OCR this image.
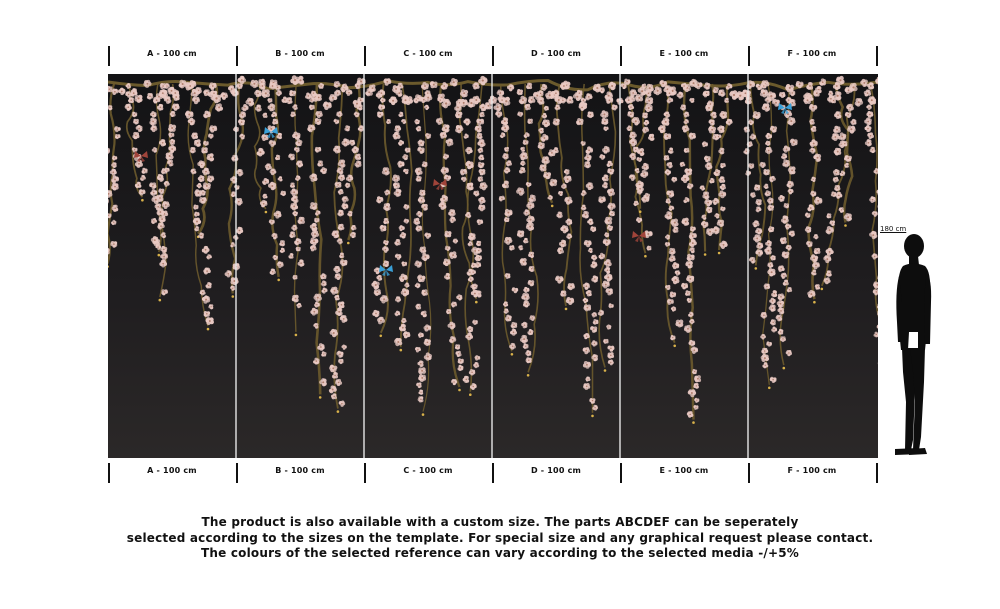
A - 100 cm	B - 100 cm	C - 100 cm	D - 100 cm	E - 100 cm	F - 100 cm
A - 100 cm	B - 100 cm	C - 100 cm	D - 100 cm	E - 100 cm	F - 100 cm
180 cm
The product is also available with a custom size. The parts ABCDEF can be seperately
selected according to the sizes on the template. For special size and any graphical request please contact.
The colours of the selected reference can vary according to the selected media -/+5%
